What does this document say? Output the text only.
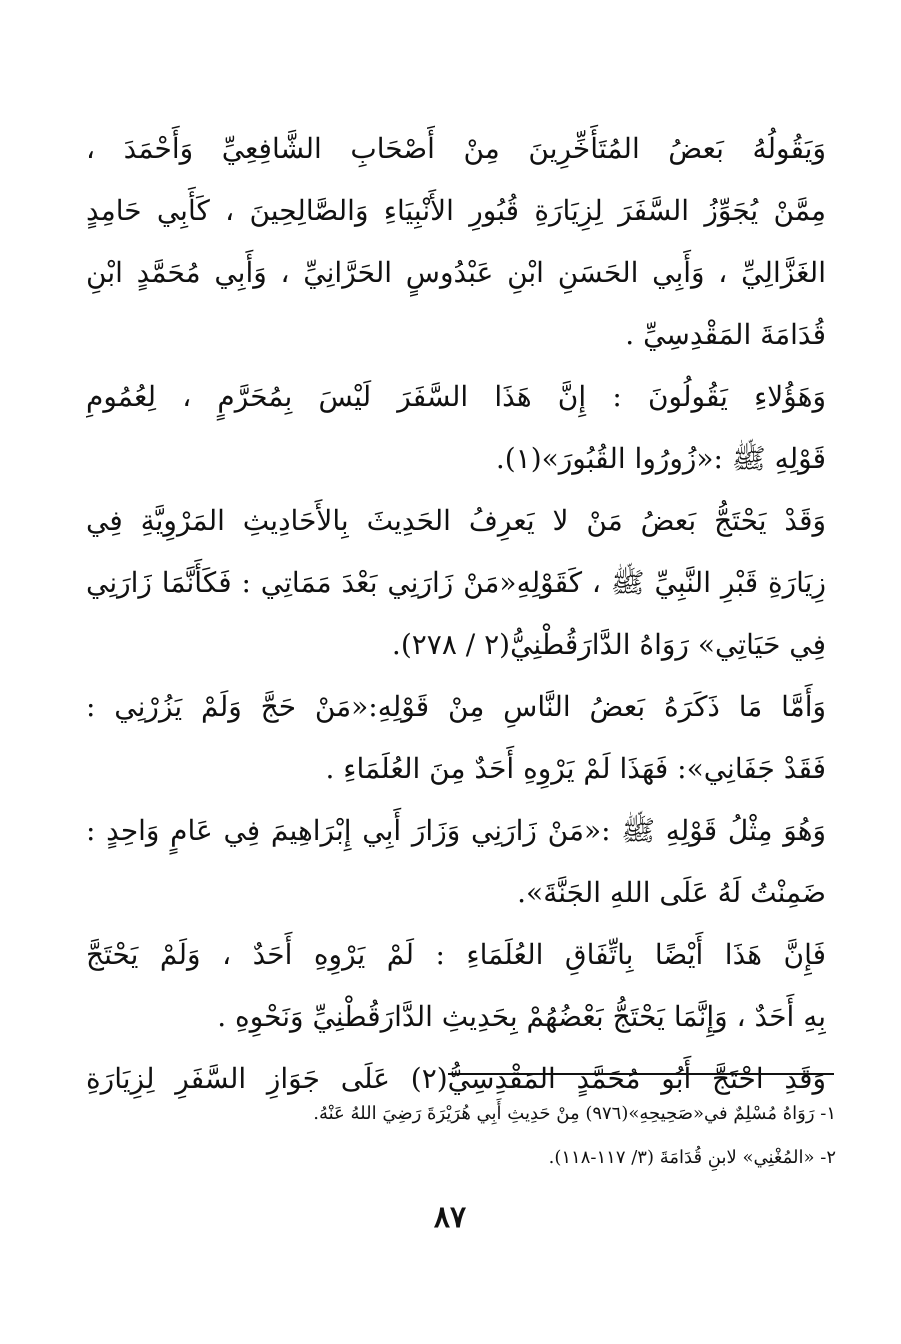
وَيَقُولُهُ بَعضُ المُتَأَخِّرِينَ مِنْ أَصْحَابِ الشَّافِعِيِّ وَأَحْمَدَ ،
مِمَّنْ يُجَوِّزُ السَّفَرَ لِزِيَارَةِ قُبُورِ الأَنْبِيَاءِ وَالصَّالِحِينَ ، كَأَبِي حَامِدٍ
الغَزَّالِيِّ ، وَأَبِي الحَسَنِ ابْنِ عَبْدُوسٍ الحَرَّانِيِّ ، وَأَبِي مُحَمَّدٍ ابْنِ
قُدَامَةَ المَقْدِسِيِّ .
وَهَؤُلاءِ يَقُولُونَ : إِنَّ هَذَا السَّفَرَ لَيْسَ بِمُحَرَّمٍ ، لِعُمُومِ
قَوْلِهِ ﷺ :«زُورُوا القُبُورَ»(١).
وَقَدْ يَحْتَجُّ بَعضُ مَنْ لا يَعرِفُ الحَدِيثَ بِالأَحَادِيثِ المَرْوِيَّةِ فِي
زِيَارَةِ قَبْرِ النَّبِيِّ ﷺ ، كَقَوْلِهِ«مَنْ زَارَنِي بَعْدَ مَمَاتِي : فَكَأَنَّمَا زَارَنِي
فِي حَيَاتِي» رَوَاهُ الدَّارَقُطْنِيُّ(٢ / ٢٧٨).
وَأَمَّا مَا ذَكَرَهُ بَعضُ النَّاسِ مِنْ قَوْلِهِ:«مَنْ حَجَّ وَلَمْ يَزُرْنِي :
فَقَدْ جَفَانِي»: فَهَذَا لَمْ يَرْوِهِ أَحَدٌ مِنَ العُلَمَاءِ .
وَهُوَ مِثْلُ قَوْلِهِ ﷺ :«مَنْ زَارَنِي وَزَارَ أَبِي إِبْرَاهِيمَ فِي عَامٍ وَاحِدٍ :
ضَمِنْتُ لَهُ عَلَى اللهِ الجَنَّةَ».
فَإِنَّ هَذَا أَيْضًا بِاتِّفَاقِ العُلَمَاءِ : لَمْ يَرْوِهِ أَحَدٌ ، وَلَمْ يَحْتَجَّ
بِهِ أَحَدٌ ، وَإِنَّمَا يَحْتَجُّ بَعْضُهُمْ بِحَدِيثِ الدَّارَقُطْنِيِّ وَنَحْوِهِ .
وَقَدِ احْتَجَّ أَبُو مُحَمَّدٍ المَقْدِسِيُّ(٢) عَلَى جَوَازِ السَّفَرِ لِزِيَارَةِ
١- رَوَاهُ مُسْلِمٌ في«صَحِيحِهِ»(٩٧٦) مِنْ حَدِيثِ أَبِي هُرَيْرَةَ رَضِيَ اللهُ عَنْهُ.
٢- «المُغْنِي» لابنِ قُدَامَةَ (٣/ ١١٧-١١٨).
٨٧
